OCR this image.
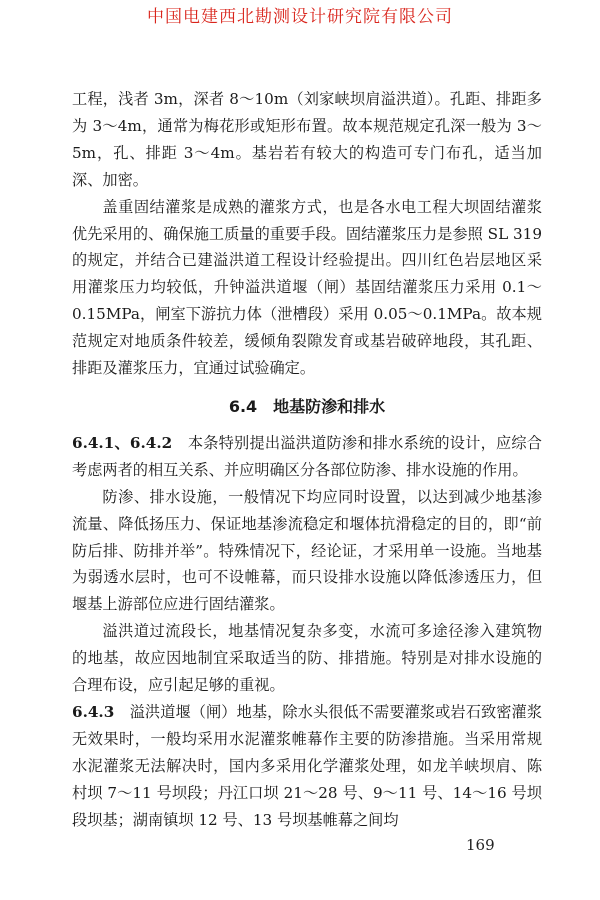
中国电建西北勘测设计研究院有限公司

工程，浅者 3m，深者 8～10m（刘家峡坝肩溢洪道）。孔距、排距多为 3～4m，通常为梅花形或矩形布置。故本规范规定孔深一般为 3～5m，孔、排距 3～4m。基岩若有较大的构造可专门布孔，适当加深、加密。

盖重固结灌浆是成熟的灌浆方式，也是各水电工程大坝固结灌浆优先采用的、确保施工质量的重要手段。固结灌浆压力是参照 SL 319 的规定，并结合已建溢洪道工程设计经验提出。四川红色岩层地区采用灌浆压力均较低，升钟溢洪道堰（闸）基固结灌浆压力采用 0.1～0.15MPa，闸室下游抗力体（泄槽段）采用 0.05～0.1MPa。故本规范规定对地质条件较差，缓倾角裂隙发育或基岩破碎地段，其孔距、排距及灌浆压力，宜通过试验确定。

6.4　地基防渗和排水

6.4.1、6.4.2　本条特别提出溢洪道防渗和排水系统的设计，应综合考虑两者的相互关系、并应明确区分各部位防渗、排水设施的作用。

防渗、排水设施，一般情况下均应同时设置，以达到减少地基渗流量、降低扬压力、保证地基渗流稳定和堰体抗滑稳定的目的，即“前防后排、防排并举”。特殊情况下，经论证，才采用单一设施。当地基为弱透水层时，也可不设帷幕，而只设排水设施以降低渗透压力，但堰基上游部位应进行固结灌浆。

溢洪道过流段长，地基情况复杂多变，水流可多途径渗入建筑物的地基，故应因地制宜采取适当的防、排措施。特别是对排水设施的合理布设，应引起足够的重视。

6.4.3　溢洪道堰（闸）地基，除水头很低不需要灌浆或岩石致密灌浆无效果时，一般均采用水泥灌浆帷幕作主要的防渗措施。当采用常规水泥灌浆无法解决时，国内多采用化学灌浆处理，如龙羊峡坝肩、陈村坝 7～11 号坝段；丹江口坝 21～28 号、9～11 号、14～16 号坝段坝基；湖南镇坝 12 号、13 号坝基帷幕之间均

169
